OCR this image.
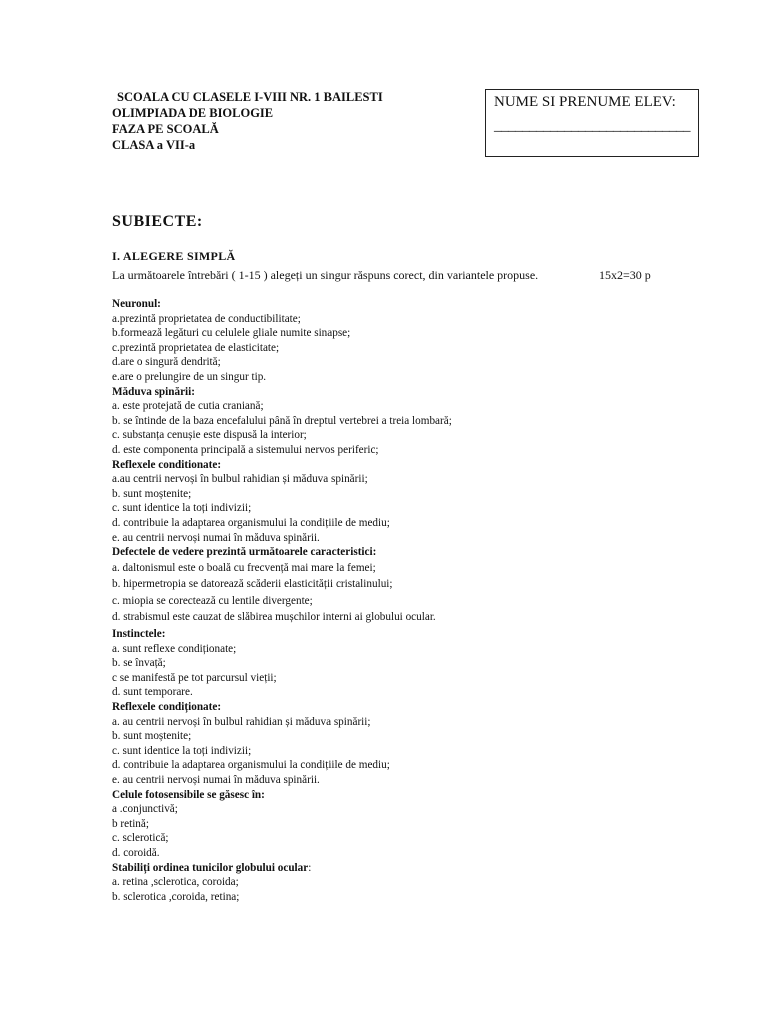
SCOALA CU CLASELE I-VIII NR. 1 BAILESTI
OLIMPIADA DE BIOLOGIE
FAZA PE SCOALĂ
CLASA a VII-a
NUME SI PRENUME ELEV:
____________________________
SUBIECTE:
I. ALEGERE SIMPLĂ
La următoarele întrebări ( 1-15 ) alegeți un singur răspuns corect, din variantele propuse.	15x2=30 p
Neuronul:
a.prezintă proprietatea de conductibilitate;
b.formează legături cu celulele gliale numite sinapse;
c.prezintă proprietatea de elasticitate;
d.are o singură dendrită;
e.are o prelungire de un singur tip.
Măduva spinării:
a. este protejată de cutia craniană;
b. se întinde de la baza encefalului până în dreptul vertebrei a treia lombară;
c. substanța cenușie este dispusă la interior;
d. este componenta principală a sistemului nervos periferic;
Reflexele conditionate:
a.au centrii nervoși în bulbul rahidian și măduva spinării;
b. sunt moștenite;
c. sunt identice la toți indivizii;
d. contribuie la adaptarea organismului la condițiile de mediu;
e. au centrii nervoși numai în măduva spinării.
Defectele de vedere prezintă următoarele caracteristici:
a. daltonismul este o boală cu frecvență mai mare la femei;
b. hipermetropia se datorează scăderii elasticității cristalinului;
c. miopia se corectează cu lentile divergente;
d. strabismul este cauzat de slăbirea mușchilor interni ai globului ocular.
Instinctele:
a. sunt reflexe condiționate;
b. se învață;
c se manifestă pe tot parcursul vieții;
d. sunt temporare.
Reflexele condiționate:
a. au centrii nervoși în bulbul rahidian și măduva spinării;
b. sunt moștenite;
c. sunt identice la toți indivizii;
d. contribuie la adaptarea organismului la condițiile de mediu;
e. au centrii nervoși numai în măduva spinării.
Celule fotosensibile se găsesc în:
a .conjunctivă;
b retină;
c. sclerotică;
d. coroidă.
Stabiliți ordinea tunicilor globului ocular:
a. retina ,sclerotica, coroida;
b. sclerotica ,coroida, retina;
